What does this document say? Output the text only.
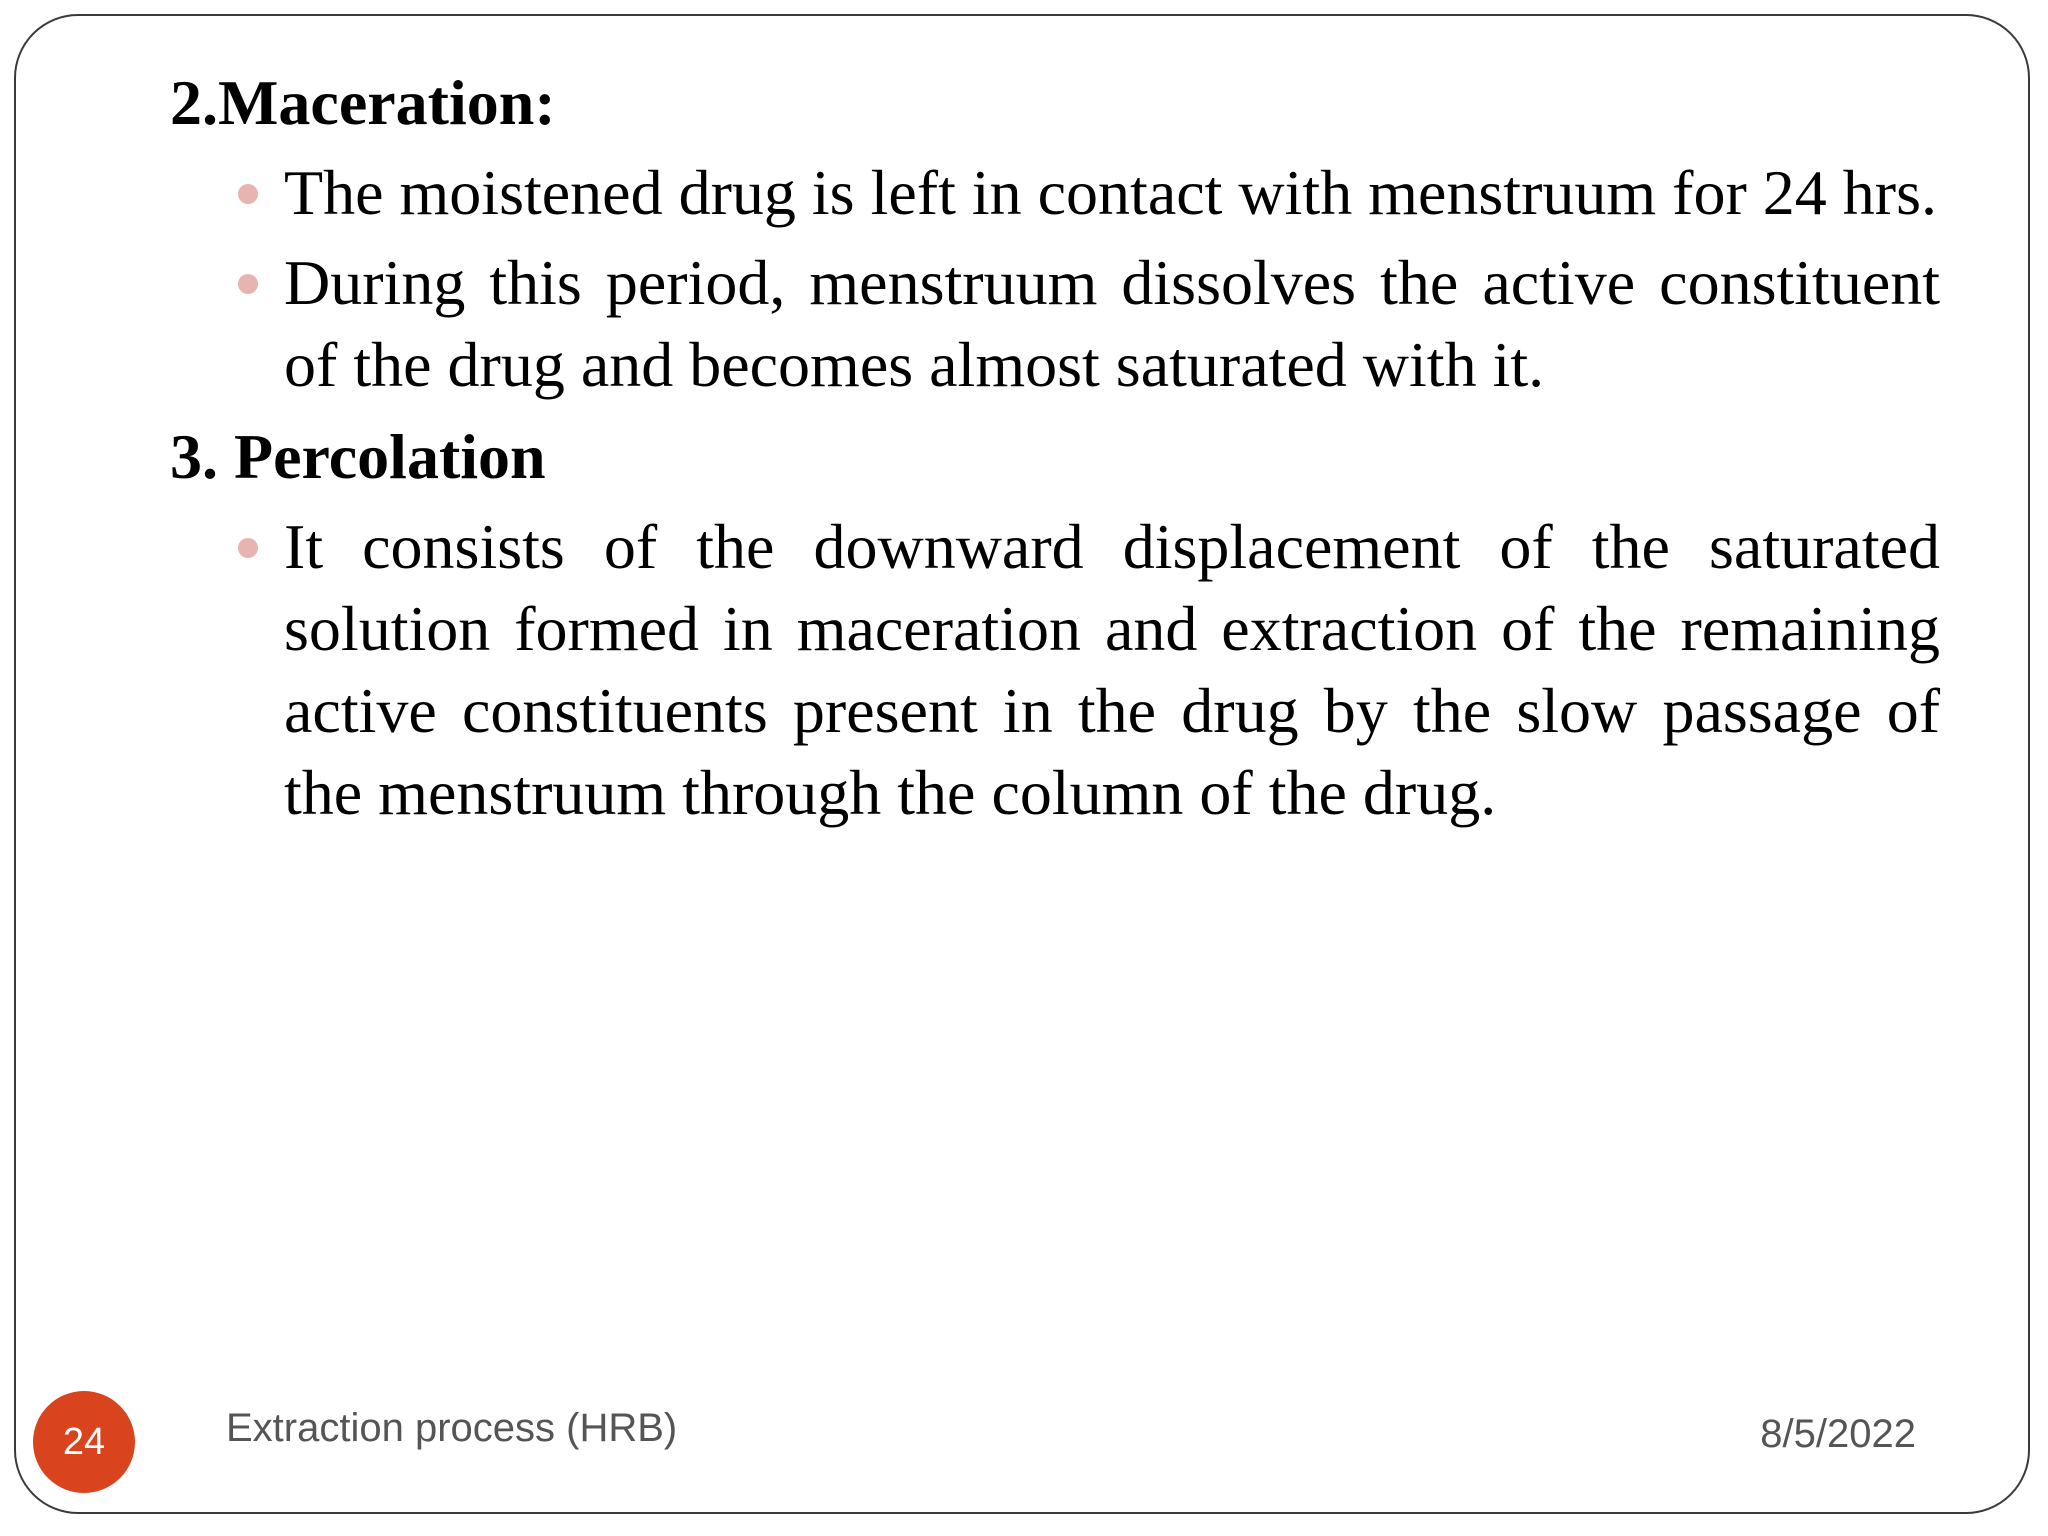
2.Maceration:
The moistened drug is left in contact with menstruum for 24 hrs.
During this period, menstruum dissolves the active constituent of the drug and becomes almost saturated with it.
3. Percolation
It consists of the downward displacement of the saturated solution formed in maceration and extraction of the remaining active constituents present in the drug by the slow passage of the menstruum through the column of the drug.
24	Extraction process (HRB)	8/5/2022
